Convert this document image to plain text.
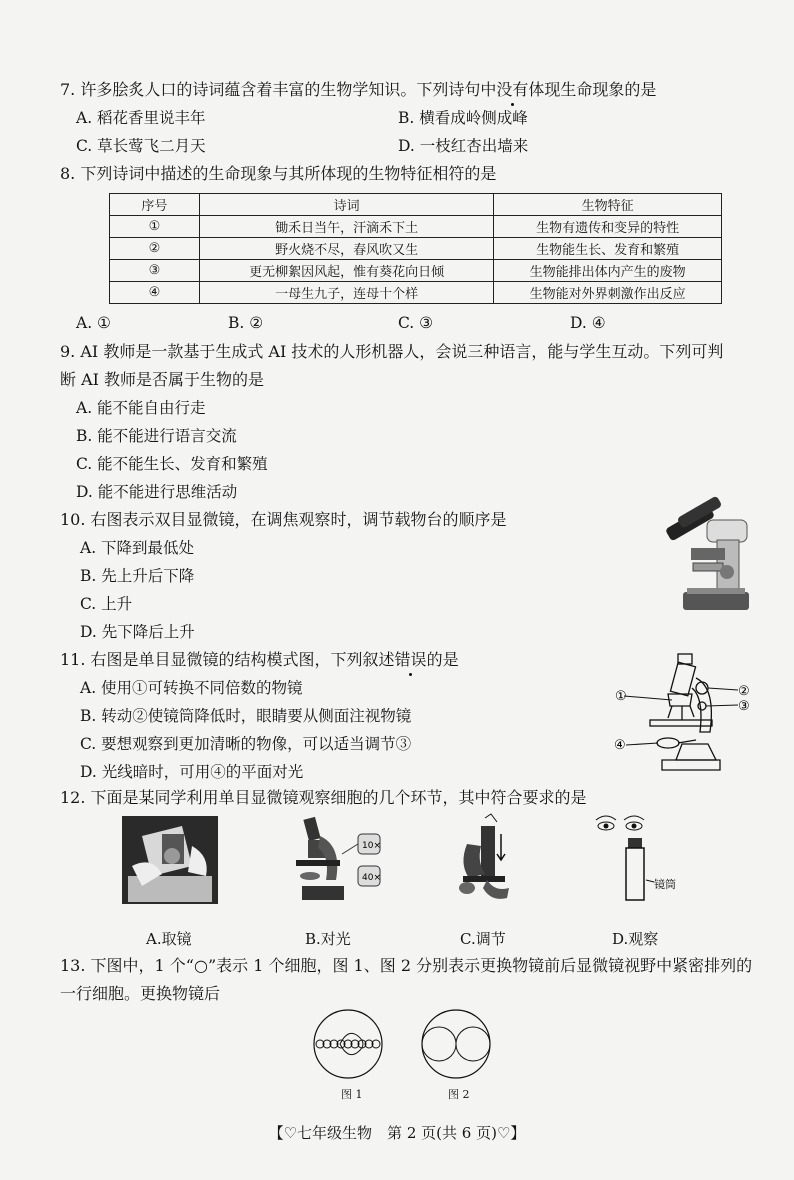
7. 许多脍炙人口的诗词蕴含着丰富的生物学知识。下列诗句中没有体现生命现象的是
A. 稻花香里说丰年	B. 横看成岭侧成峰
C. 草长莺飞二月天	D. 一枝红杏出墙来
8. 下列诗词中描述的生命现象与其所体现的生物特征相符的是
序号	诗词	生物特征
①	锄禾日当午，汗滴禾下土	生物有遗传和变异的特性
②	野火烧不尽，春风吹又生	生物能生长、发育和繁殖
③	更无柳絮因风起，惟有葵花向日倾	生物能排出体内产生的废物
④	一母生九子，连母十个样	生物能对外界刺激作出反应
A. ①	B. ②	C. ③	D. ④
9. AI 教师是一款基于生成式 AI 技术的人形机器人，会说三种语言，能与学生互动。下列可判
断 AI 教师是否属于生物的是
A. 能不能自由行走
B. 能不能进行语言交流
C. 能不能生长、发育和繁殖
D. 能不能进行思维活动
10. 右图表示双目显微镜，在调焦观察时，调节载物台的顺序是
A. 下降到最低处
B. 先上升后下降
C. 上升
D. 先下降后上升
11. 右图是单目显微镜的结构模式图，下列叙述错误的是
A. 使用①可转换不同倍数的物镜
B. 转动②使镜筒降低时，眼睛要从侧面注视物镜
C. 要想观察到更加清晰的物像，可以适当调节③
D. 光线暗时，可用④的平面对光
①	②
③
④
12. 下面是某同学利用单目显微镜观察细胞的几个环节，其中符合要求的是
10×
40×	镜筒
A.取镜	B.对光	C.调节	D.观察
13. 下图中，1 个“○”表示 1 个细胞，图 1、图 2 分别表示更换物镜前后显微镜视野中紧密排列的
一行细胞。更换物镜后
图 1	图 2
【♡七年级生物　第 2 页(共 6 页)♡】
